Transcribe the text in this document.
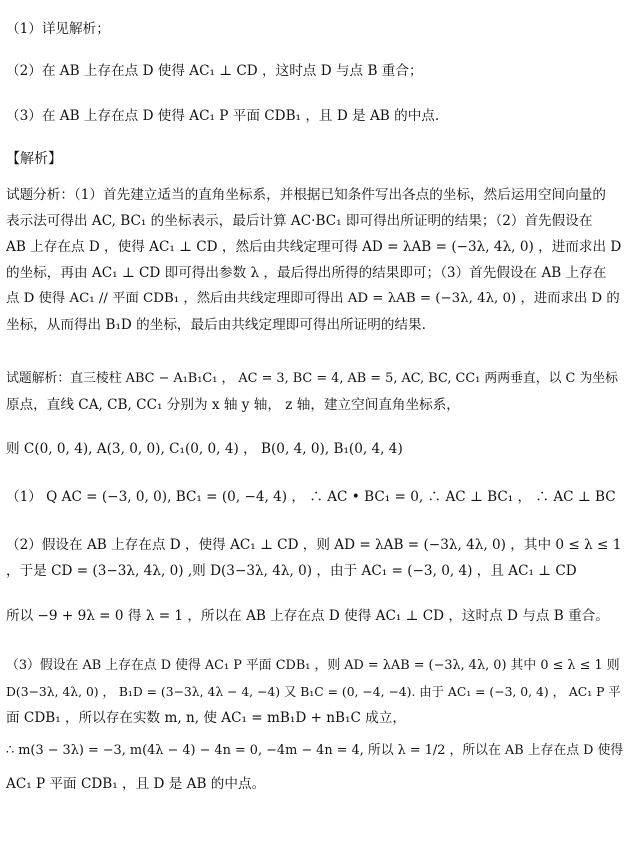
（1）详见解析；
（2）在 AB 上存在点 D 使得 AC₁ ⊥ CD ，这时点 D 与点 B 重合；
（3）在 AB 上存在点 D 使得 AC₁ P 平面 CDB₁ ，且 D 是 AB 的中点.
【解析】
试题分析：（1）首先建立适当的直角坐标系，并根据已知条件写出各点的坐标，然后运用空间向量的
表示法可得出 AC, BC₁ 的坐标表示，最后计算 AC·BC₁ 即可得出所证明的结果；（2）首先假设在
AB 上存在点 D ，使得 AC₁ ⊥ CD ，然后由共线定理可得 AD = λAB = (−3λ, 4λ, 0) ，进而求出 D
的坐标，再由 AC₁ ⊥ CD 即可得出参数 λ ，最后得出所得的结果即可；（3）首先假设在 AB 上存在
点 D 使得 AC₁ // 平面 CDB₁ ，然后由共线定理即可得出 AD = λAB = (−3λ, 4λ, 0) ，进而求出 D 的
坐标，从而得出 B₁D 的坐标，最后由共线定理即可得出所证明的结果.
试题解析：直三棱柱 ABC − A₁B₁C₁ ， AC = 3, BC = 4, AB = 5, AC, BC, CC₁ 两两垂直，以 C 为坐标
原点，直线 CA, CB, CC₁ 分别为 x 轴 y 轴， z 轴，建立空间直角坐标系，
则 C(0, 0, 4), A(3, 0, 0), C₁(0, 0, 4) ， B(0, 4, 0), B₁(0, 4, 4)
（1） Q AC = (−3, 0, 0), BC₁ = (0, −4, 4) ， ∴ AC • BC₁ = 0, ∴ AC ⊥ BC₁ ， ∴ AC ⊥ BC
（2）假设在 AB 上存在点 D ，使得 AC₁ ⊥ CD ，则 AD = λAB = (−3λ, 4λ, 0) ，其中 0 ≤ λ ≤ 1
，于是 CD = (3−3λ, 4λ, 0) ,则 D(3−3λ, 4λ, 0) ，由于 AC₁ = (−3, 0, 4) ，且 AC₁ ⊥ CD
所以 −9 + 9λ = 0 得 λ = 1 ，所以在 AB 上存在点 D 使得 AC₁ ⊥ CD ，这时点 D 与点 B 重合。
（3）假设在 AB 上存在点 D 使得 AC₁ P 平面 CDB₁ ，则 AD = λAB = (−3λ, 4λ, 0) 其中 0 ≤ λ ≤ 1 则
D(3−3λ, 4λ, 0) ， B₁D = (3−3λ, 4λ − 4, −4) 又 B₁C = (0, −4, −4). 由于 AC₁ = (−3, 0, 4) ， AC₁ P 平
面 CDB₁ ，所以存在实数 m, n, 使 AC₁ = mB₁D + nB₁C 成立，
∴ m(3 − 3λ) = −3, m(4λ − 4) − 4n = 0, −4m − 4n = 4, 所以 λ = 1/2 ，所以在 AB 上存在点 D 使得
AC₁ P 平面 CDB₁ ，且 D 是 AB 的中点。
